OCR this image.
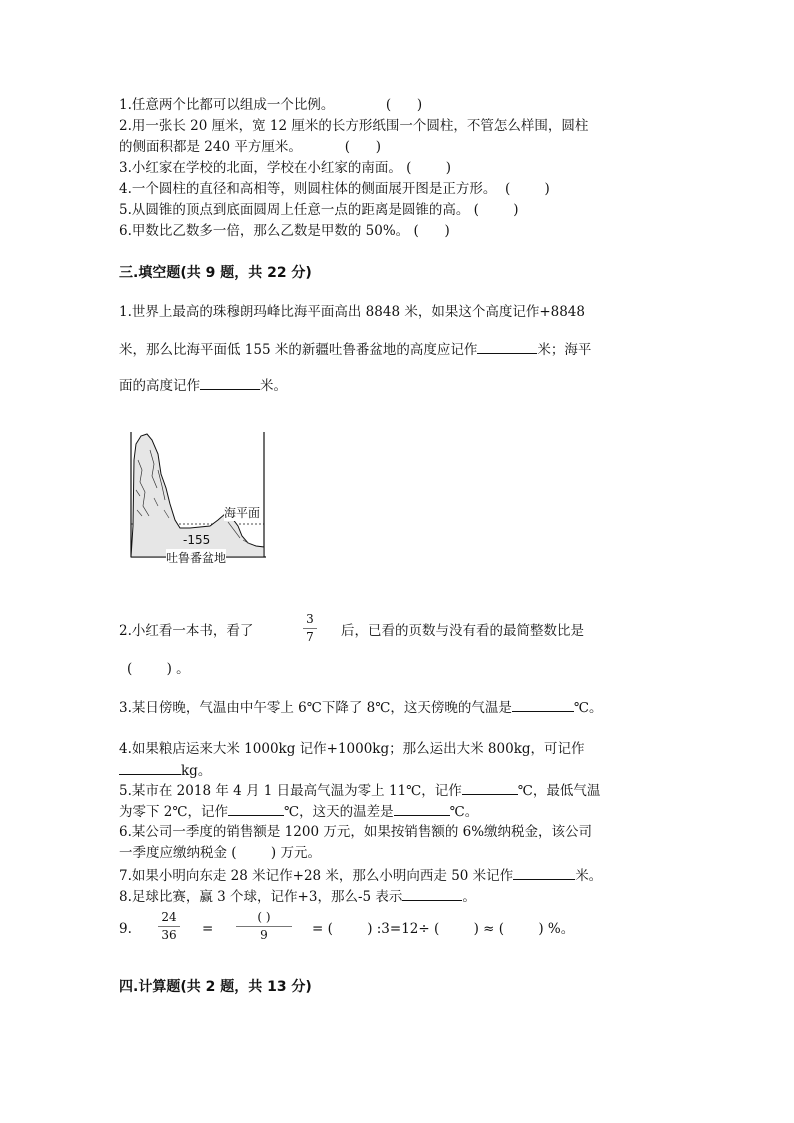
1.任意两个比都可以组成一个比例。            (      )
2.用一张长 20 厘米，宽 12 厘米的长方形纸围一个圆柱，不管怎么样围，圆柱
的侧面积都是 240 平方厘米。          (      )
3.小红家在学校的北面，学校在小红家的南面。 (        )
4.一个圆柱的直径和高相等，则圆柱体的侧面展开图是正方形。  (        )
5.从圆锥的顶点到底面圆周上任意一点的距离是圆锥的高。 (        )
6.甲数比乙数多一倍，那么乙数是甲数的 50%。 (      )
三.填空题(共 9 题，共 22 分)
1.世界上最高的珠穆朗玛峰比海平面高出 8848 米，如果这个高度记作+8848
米，那么比海平面低 155 米的新疆吐鲁番盆地的高度应记作	米；海平
面的高度记作	米。
海平面
-155
吐鲁番盆地
2.小红看一本书，看了
3
7 后，已看的页数与没有看的最简整数比是
(        ) 。
3.某日傍晚，气温由中午零上 6℃下降了 8℃，这天傍晚的气温是	℃。
4.如果粮店运来大米 1000kg 记作+1000kg；那么运出大米 800kg，可记作
kg。
5.某市在 2018 年 4 月 1 日最高气温为零上 11℃，记作	℃，最低气温
为零下 2℃，记作	℃，这天的温差是	℃。
6.某公司一季度的销售额是 1200 万元，如果按销售额的 6%缴纳税金，该公司
一季度应缴纳税金 (        ) 万元。
7.如果小明向东走 28 米记作+28 米，那么小明向西走 50 米记作	米。
8.足球比赛，赢 3 个球，记作+3，那么-5 表示	。
9.
24
36 =
( )
9	= (        ) :3=12÷ (        ) ≈ (        ) %。
四.计算题(共 2 题，共 13 分)
